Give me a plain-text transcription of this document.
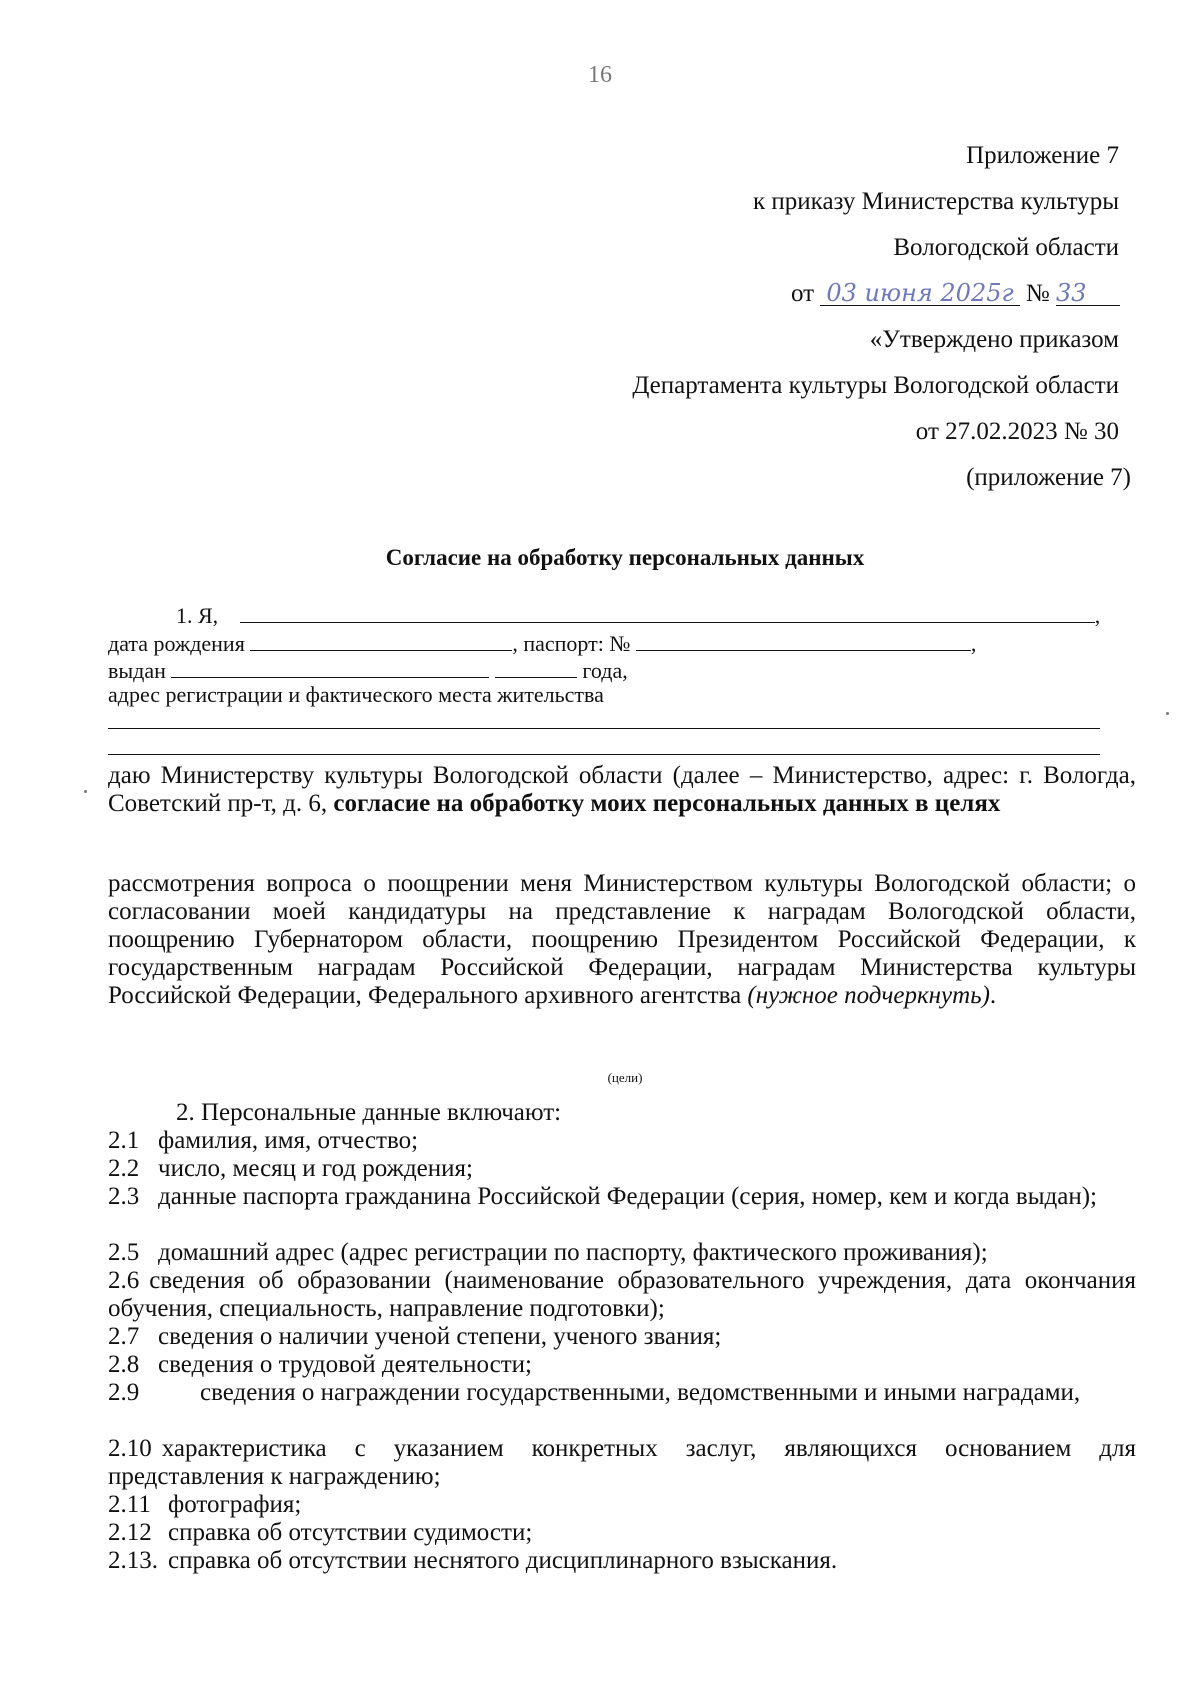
16
Приложение 7
к приказу Министерства культуры
Вологодской области
от 03 июня 2025г № 33
«Утверждено приказом
Департамента культуры Вологодской области
от 27.02.2023 № 30
(приложение 7)
Согласие на обработку персональных данных
1. Я,	,
дата рождения	, паспорт: №	,
выдан	года,
адрес регистрации и фактического места жительства
даю Министерству культуры Вологодской области (далее – Министерство, адрес: г. Вологда, Советский пр-т, д. 6, согласие на обработку моих персональных данных в целях
рассмотрения вопроса о поощрении меня Министерством культуры Вологодской области; о согласовании моей кандидатуры на представление к наградам Вологодской области, поощрению Губернатором области, поощрению Президентом Российской Федерации, к государственным наградам Российской Федерации, наградам Министерства культуры Российской Федерации, Федерального архивного агентства (нужное подчеркнуть).
(цели)
2. Персональные данные включают:
2.1 фамилия, имя, отчество;
2.2 число, месяц и год рождения;
2.3 данные паспорта гражданина Российской Федерации (серия, номер, кем и когда выдан);
2.5 домашний адрес (адрес регистрации по паспорту, фактического проживания);
2.6 сведения об образовании (наименование образовательного учреждения, дата окончания обучения, специальность, направление подготовки);
2.7 сведения о наличии ученой степени, ученого звания;
2.8 сведения о трудовой деятельности;
2.9 сведения о награждении государственными, ведомственными и иными наградами,
2.10 характеристика с указанием конкретных заслуг, являющихся основанием для представления к награждению;
2.11 фотография;
2.12 справка об отсутствии судимости;
2.13. справка об отсутствии неснятого дисциплинарного взыскания.
